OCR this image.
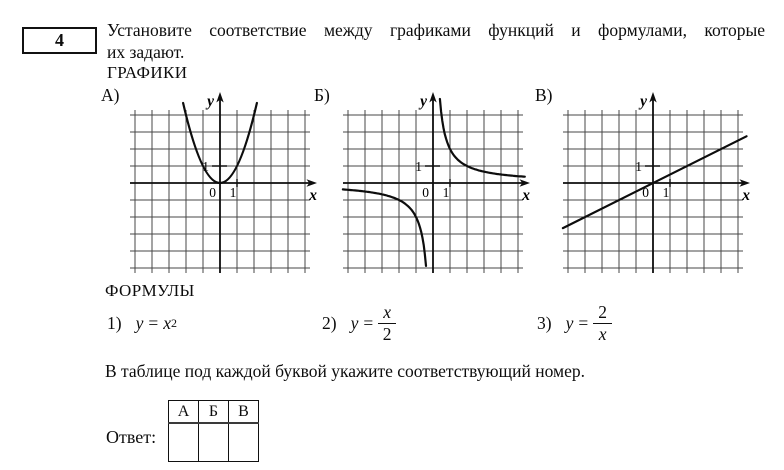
4 Установите соответствие между графиками функций и формулами, которые
их задают.
ГРАФИКИ
А)	Б)	В)
y
x
0 1
1
y
x
0 1
1
y
x
0 1
1
ФОРМУЛЫ
1) y = x 2	2) $y = \frac{x}{2}$	3) $y = \frac{2}{x}$
В таблице под каждой буквой укажите соответствующий номер.
Ответ:
А	Б	В
